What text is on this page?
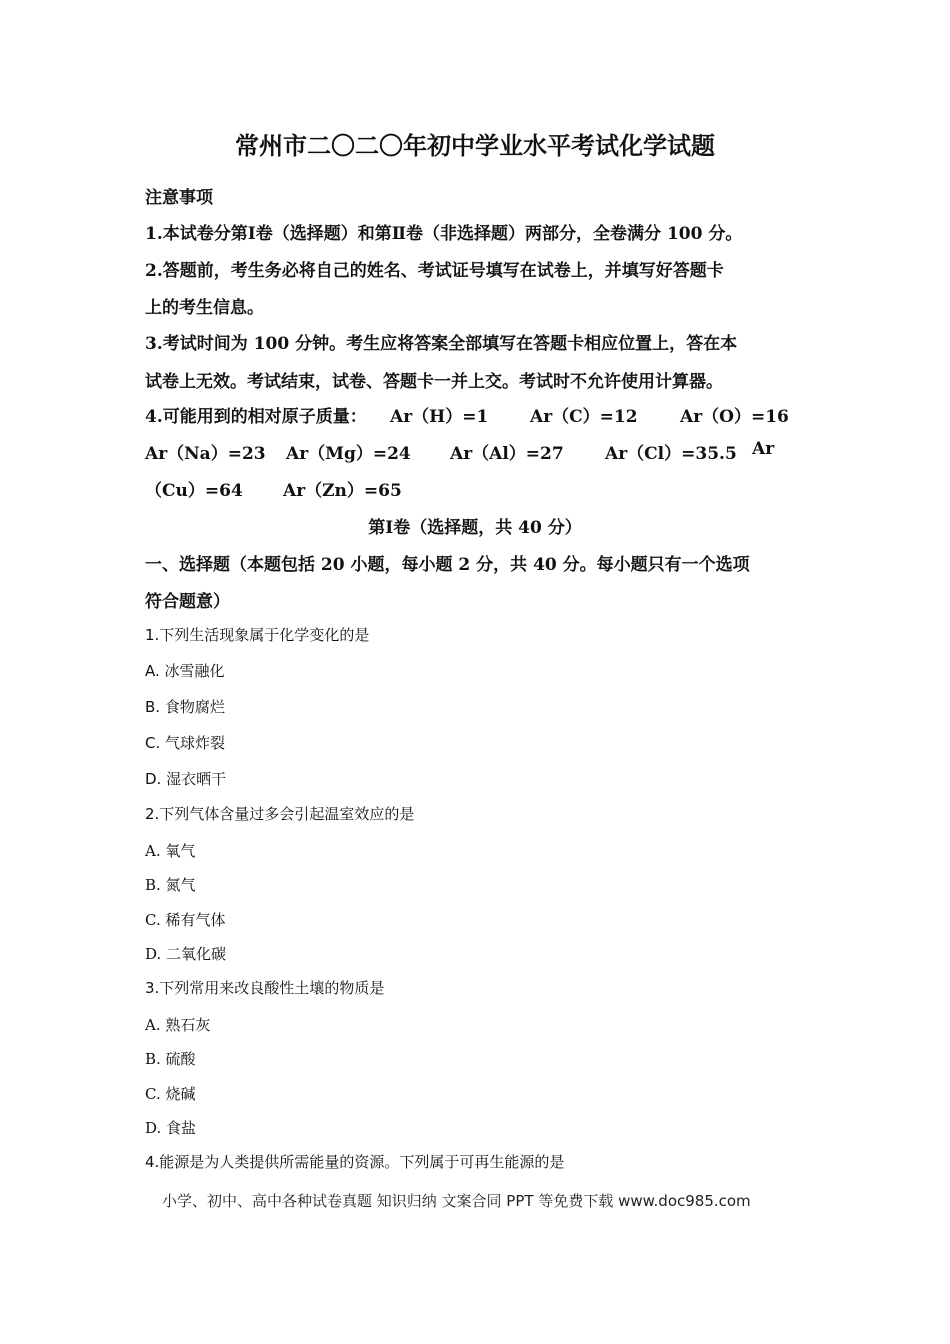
常州市二〇二〇年初中学业水平考试化学试题
注意事项
1.本试卷分第Ⅰ卷（选择题）和第Ⅱ卷（非选择题）两部分，全卷满分 100 分。
2.答题前，考生务必将自己的姓名、考试证号填写在试卷上，并填写好答题卡
上的考生信息。
3.考试时间为 100 分钟。考生应将答案全部填写在答题卡相应位置上，答在本
试卷上无效。考试结束，试卷、答题卡一并上交。考试时不允许使用计算器。
4.可能用到的相对原子质量： Ar（H）=1 Ar（C）=12 Ar（O）=16
Ar（Na）=23 Ar（Mg）=24 Ar（Al）=27 Ar（Cl）=35.5 Ar
（Cu）=64 Ar（Zn）=65
第Ⅰ卷（选择题，共 40 分）
一、选择题（本题包括 20 小题，每小题 2 分，共 40 分。每小题只有一个选项
符合题意）
1.下列生活现象属于化学变化的是
A. 冰雪融化
B. 食物腐烂
C. 气球炸裂
D. 湿衣晒干
2.下列气体含量过多会引起温室效应的是
A. 氧气
B. 氮气
C. 稀有气体
D. 二氧化碳
3.下列常用来改良酸性土壤的物质是
A. 熟石灰
B. 硫酸
C. 烧碱
D. 食盐
4.能源是为人类提供所需能量的资源。下列属于可再生能源的是
小学、初中、高中各种试卷真题 知识归纳 文案合同 PPT 等免费下载 www.doc985.com
